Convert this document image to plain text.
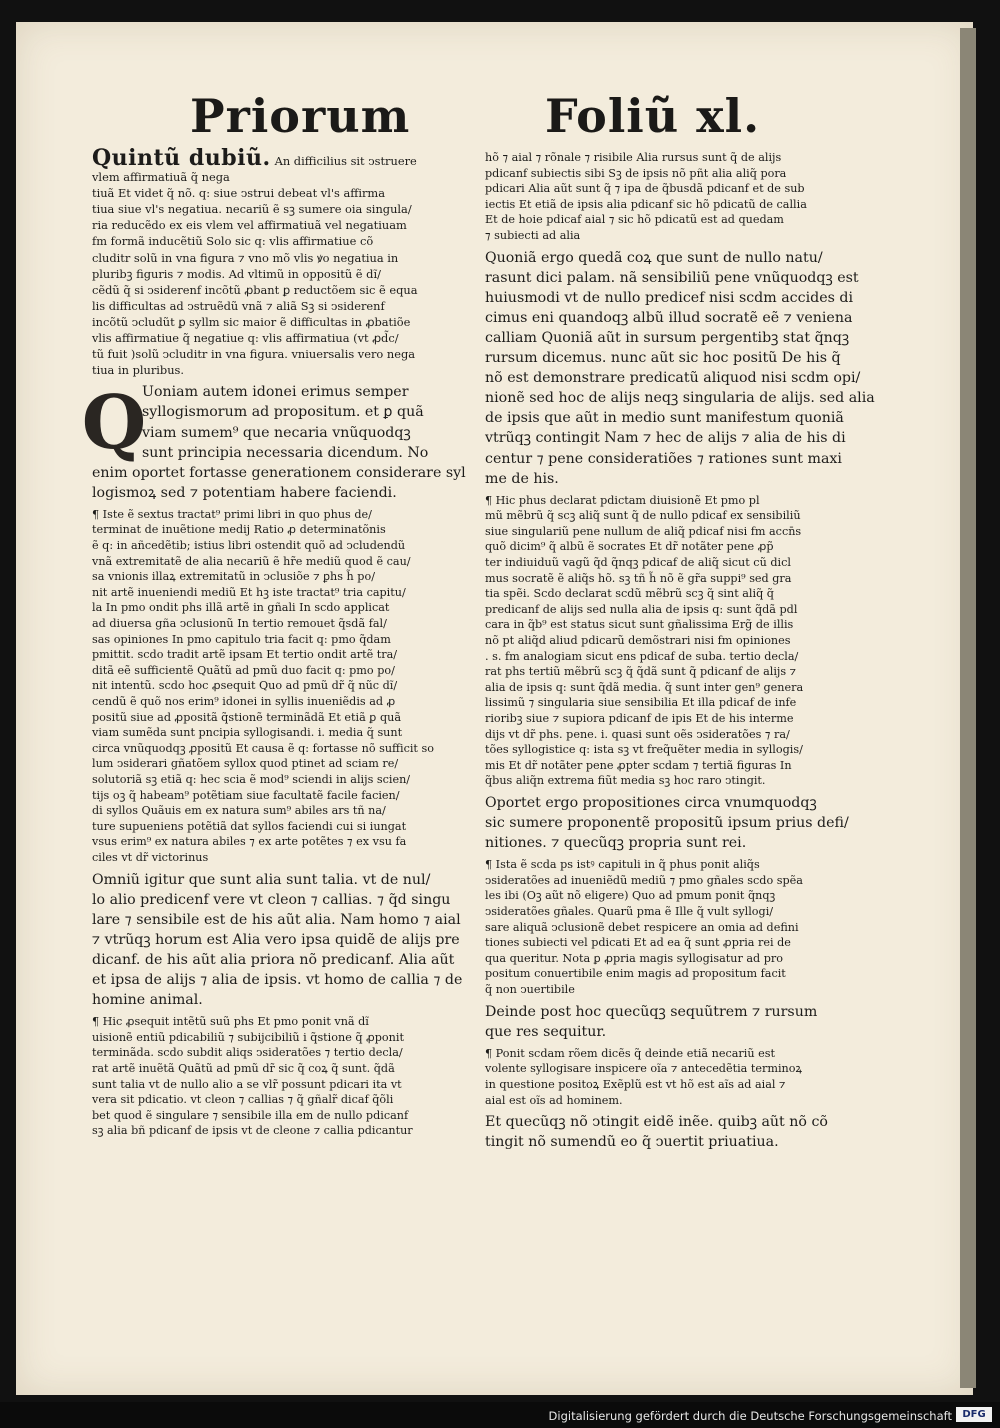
Priorum	Foliũ xl.

Quintũ dubiũ. An difficilius sit ↄstruere

vlem affirmatiuã q̃ nega

tiuã Et videt q̃ nõ. q: siue ↄstrui debeat vl's affirma

tiua siue vl's negatiua. necariũ ẽ sꝫ sumere oia singula/

ria reducẽdo ex eis vlem vel affirmatiuã vel negatiuam

fm formã inducẽtiũ Solo sic q: vlis affirmatiue cõ

cluditr solũ in vna figura ⁊ vno mõ vlis ꝟo negatiua in

pluribꝫ figuris ⁊ modis. Ad vltimũ in oppositũ ẽ dĩ/

cẽdũ q̃ si ↄsiderenf incõtũ ꝓbant ꝑ reductõem sic ẽ equa

lis difficultas ad ↄstruẽdũ vnã ⁊ aliã Sꝫ si ↄsiderenf

incõtũ ↄcludũt ꝑ syllm sic maior ẽ difficultas in ꝓbatiõe

vlis affirmatiue q̃ negatiue q: vlis affirmatiua (vt ꝓd̃c/

tũ fuit )solũ ↄcluditr in vna figura. vniuersalis vero nega

tiua in pluribus.

Q

Uoniam autem idonei erimus semper

syllogismorum ad propositum. et ꝑ quã

viam sumem⁹ que necaria vnũquodqꝫ

sunt principia necessaria dicendum. No

enim oportet fortasse generationem considerare syl

logismoꝝ sed ⁊ potentiam habere faciendi.

¶ Iste ẽ sextus tractat⁹ primi libri in quo phus de/

terminat de inuẽtione medij Ratio ꝓ determinatõnis

ẽ q: in añcedẽtib; istius libri ostendit quõ ad ↄcludendũ

vnã extremitatẽ de alia necariũ ẽ hr̃e mediũ quod ẽ cau/

sa vnionis illaꝝ extremitatũ in ↄclusiõe ⁊ ꝑhs h̃ po/

nit artẽ inueniendi mediũ Et hꝫ iste tractat⁹ tria capitu/

la In pmo ondit phs illã artẽ in gñali In scdo applicat

ad diuersa gña ↄclusionũ In tertio remouet q̃sdã fal/

sas opiniones In pmo capitulo tria facit q: pmo q̃dam

pmittit. scdo tradit artẽ ipsam Et tertio ondit artẽ tra/

ditã eẽ sufficientẽ Quãtũ ad pmũ duo facit q: pmo po/

nit intentũ. scdo hoc ꝓsequit Quo ad pmũ dr̃ q̃ nũc dĩ/

cendũ ẽ quõ nos erim⁹ idonei in syllis inueniẽdis ad ꝓ

positũ siue ad ꝓpositã q̃stionẽ terminãdã Et etiã ꝑ quã

viam sumẽda sunt pncipia syllogisandi. i. media q̃ sunt

circa vnũquodqꝫ ꝓpositũ Et causa ẽ q: fortasse nõ sufficit so

lum ↄsiderari gñatõem syllox quod ptinet ad sciam re/

solutoriã sꝫ etiã q: hec scia ẽ mod⁹ sciendi in alijs scien/

tijs oꝫ q̃ habeam⁹ potẽtiam siue facultatẽ facile facien/

di syllos Quãuis em ex natura sum⁹ abiles ars tñ na/

ture supueniens potẽtiã dat syllos faciendi cui si iungat

vsus erim⁹ ex natura abiles ⁊ ex arte potẽtes ⁊ ex vsu fa

ciles vt dr̃ victorinus

Omniũ igitur que sunt alia sunt talia. vt de nul/

lo alio predicenf vere vt cleon ⁊ callias. ⁊ q̃d singu

lare ⁊ sensibile est de his aũt alia. Nam homo ⁊ aial

⁊ vtrũqꝫ horum est Alia vero ipsa quidẽ de alijs pre

dicanf. de his aũt alia priora nõ predicanf. Alia aũt

et ipsa de alijs ⁊ alia de ipsis. vt homo de callia ⁊ de

homine animal.

¶ Hic ꝓsequit intẽtũ suũ phs Et pmo ponit vnã dĩ

uisionẽ entiũ pdicabiliũ ⁊ subijcibiliũ i q̃stione q̃ ꝓponit

terminãda. scdo subdit aliqs ↄsideratões ⁊ tertio decla/

rat artẽ inuẽtã Quãtũ ad pmũ dr̃ sic q̃ coꝝ q̃ sunt. q̃dã

sunt talia vt de nullo alio a se vlr̃ possunt pdicari ita vt

vera sit pdicatio. vt cleon ⁊ callias ⁊ q̃ gñalr̃ dicaf q̃õli

bet quod ẽ singulare ⁊ sensibile illa em de nullo pdicanf

sꝫ alia bñ pdicanf de ipsis vt de cleone ⁊ callia pdicantur

hõ ⁊ aial ⁊ rõnale ⁊ risibile Alia rursus sunt q̃ de alijs

pdicanf subiectis sibi Sꝫ de ipsis nõ pñt alia aliq̃ pora

pdicari Alia aũt sunt q̃ ⁊ ipa de q̃busdã pdicanf et de sub

iectis Et etiã de ipsis alia pdicanf sic hõ pdicatũ de callia

Et de hoie pdicaf aial ⁊ sic hõ pdicatũ est ad quedam

⁊ subiecti ad alia

Quoniã ergo quedã coꝝ que sunt de nullo natu/

rasunt dici palam. nã sensibiliũ pene vnũquodqꝫ est

huiusmodi vt de nullo predicef nisi scdm accides di

cimus eni quandoqꝫ albũ illud socratẽ eẽ ⁊ veniena

calliam Quoniã aũt in sursum pergentibꝫ stat q̃nqꝫ

rursum dicemus. nunc aũt sic hoc positũ De his q̃

nõ est demonstrare predicatũ aliquod nisi scdm opi/

nionẽ sed hoc de alijs neqꝫ singularia de alijs. sed alia

de ipsis que aũt in medio sunt manifestum quoniã

vtrũqꝫ contingit Nam ⁊ hec de alijs ⁊ alia de his di

centur ⁊ pene consideratiões ⁊ rationes sunt maxi

me de his.

¶ Hic phus declarat pdictam diuisionẽ Et pmo pl

mũ mẽbrũ q̃ scꝫ aliq̃ sunt q̃ de nullo pdicaf ex sensibiliũ

siue singulariũ pene nullum de aliq̃ pdicaf nisi fm accn̄s

quõ dicim⁹ q̃ albũ ẽ socrates Et dr̃ notãter pene ꝓp̃

ter indiuiduũ vagũ q̃d q̃nqꝫ pdicaf de aliq̃ sicut cũ dicl

mus socratẽ ẽ aliq̃s hõ. sꝫ tñ h̃ nõ ẽ gr̃a suppi⁹ sed gra

tia spẽi. Scdo declarat scdũ mẽbrũ scꝫ q̃ sint aliq̃ q̃

predicanf de alijs sed nulla alia de ipsis q: sunt q̃dã pdl

cara in q̃b⁹ est status sicut sunt gñalissima Erg̃ de illis

nõ pt aliq̃d aliud pdicarũ demõstrari nisi fm opiniones

. s. fm analogiam sicut ens pdicaf de suba. tertio decla/

rat phs tertiũ mẽbrũ scꝫ q̃ q̃dã sunt q̃ pdicanf de alijs ⁊

alia de ipsis q: sunt q̃dã media. q̃ sunt inter gen⁹ genera

lissimũ ⁊ singularia siue sensibilia Et illa pdicaf de infe

rioribꝫ siue ⁊ supiora pdicanf de ipis Et de his interme

dijs vt dr̃ phs. pene. i. quasi sunt oẽs ↄsideratões ⁊ ra/

tões syllogistice q: ista sꝫ vt freq̃uẽter media in syllogis/

mis Et dr̃ notãter pene ꝓpter scdam ⁊ tertiã figuras In

q̃bus aliq̃n extrema fiũt media sꝫ hoc raro ↄtingit.

Oportet ergo propositiones circa vnumquodqꝫ

sic sumere proponentẽ propositũ ipsum prius defi/

nitiones. ⁊ quecũqꝫ propria sunt rei.

¶ Ista ẽ scda ps istꝰ capituli in q̃ phus ponit aliq̃s

ↄsideratões ad inueniẽdũ mediũ ⁊ pmo gñales scdo spẽa

les ibi (Oꝫ aũt nõ eligere) Quo ad pmum ponit q̃nqꝫ

ↄsideratões gñales. Quarũ pma ẽ Ille q̃ vult syllogi/

sare aliquã ↄclusionẽ debet respicere an omia ad defini

tiones subiecti vel pdicati Et ad ea q̃ sunt ꝓpria rei de

qua queritur. Nota ꝑ ꝓpria magis syllogisatur ad pro

positum conuertibile enim magis ad propositum facit

q̃ non ↄuertibile

Deinde post hoc quecũqꝫ sequũtrem ⁊ rursum

que res sequitur.

¶ Ponit scdam rõem dicẽs q̃ deinde etiã necariũ est

volente syllogisare inspicere oĩa ⁊ antecedẽtia terminoꝝ

in questione positoꝝ Exẽplũ est vt hõ est aĩs ad aial ⁊

aial est oĩs ad hominem.

Et quecũqꝫ nõ ↄtingit eidẽ inẽe. quibꝫ aũt nõ cõ

tingit nõ sumendũ eo q̃ ↄuertit priuatiua.

Digitalisierung gefördert durch die Deutsche Forschungsgemeinschaft	DFG
